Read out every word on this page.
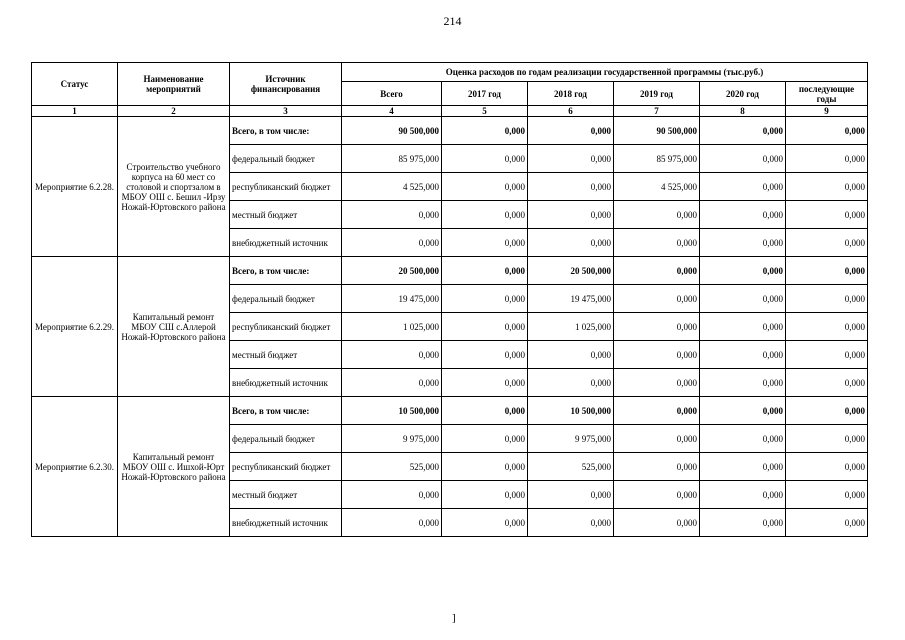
214
Статус	Наименование мероприятий	Источник финансирования	Оценка расходов по годам реализации государственной программы (тыс.руб.)					
			Всего	2017 год	2018 год	2019 год	2020 год	последующие годы
1	2	3	4	5	6	7	8	9
Мероприятие 6.2.28.	Строительство учебного корпуса на 60 мест со столовой и спортзалом в МБОУ ОШ с. Бешил -Ирзу Ножай-Юртовского района	Всего, в том числе:	90 500,000	0,000	0,000	90 500,000	0,000	0,000
		федеральный бюджет	85 975,000	0,000	0,000	85 975,000	0,000	0,000
		республиканский бюджет	4 525,000	0,000	0,000	4 525,000	0,000	0,000
		местный бюджет	0,000	0,000	0,000	0,000	0,000	0,000
		внебюджетный источник	0,000	0,000	0,000	0,000	0,000	0,000
Мероприятие 6.2.29.	Капитальный ремонт МБОУ СШ с.Аллерой Ножай-Юртовского района	Всего, в том числе:	20 500,000	0,000	20 500,000	0,000	0,000	0,000
		федеральный бюджет	19 475,000	0,000	19 475,000	0,000	0,000	0,000
		республиканский бюджет	1 025,000	0,000	1 025,000	0,000	0,000	0,000
		местный бюджет	0,000	0,000	0,000	0,000	0,000	0,000
		внебюджетный источник	0,000	0,000	0,000	0,000	0,000	0,000
Мероприятие 6.2.30.	Капитальный ремонт МБОУ ОШ с. Ишхой-Юрт Ножай-Юртовского района	Всего, в том числе:	10 500,000	0,000	10 500,000	0,000	0,000	0,000
		федеральный бюджет	9 975,000	0,000	9 975,000	0,000	0,000	0,000
		республиканский бюджет	525,000	0,000	525,000	0,000	0,000	0,000
		местный бюджет	0,000	0,000	0,000	0,000	0,000	0,000
		внебюджетный источник	0,000	0,000	0,000	0,000	0,000	0,000
]
